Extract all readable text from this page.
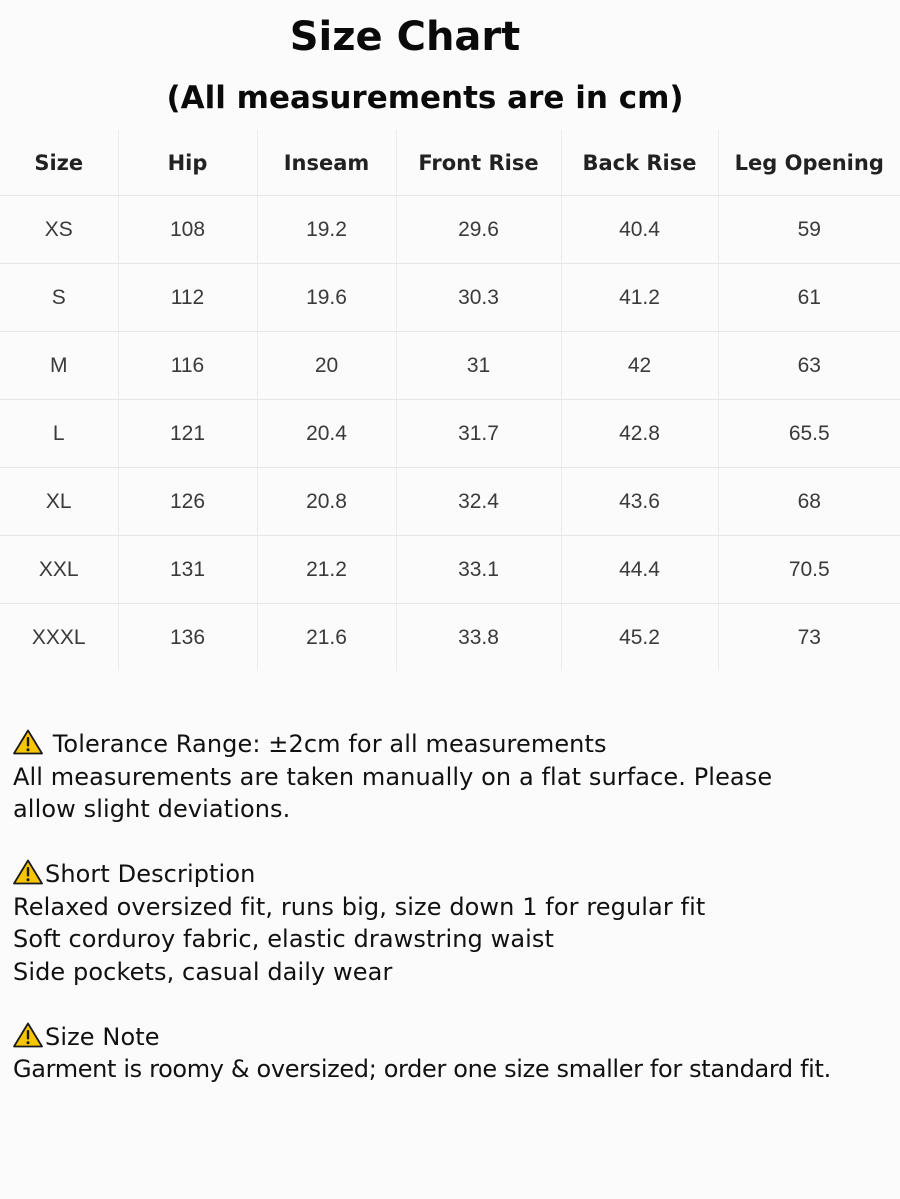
Size Chart
(All measurements are in cm)
Size	Hip	Inseam	Front Rise	Back Rise	Leg Opening
XS	108	19.2	29.6	40.4	59
S	112	19.6	30.3	41.2	61
M	116	20	31	42	63
L	121	20.4	31.7	42.8	65.5
XL	126	20.8	32.4	43.6	68
XXL	131	21.2	33.1	44.4	70.5
XXXL	136	21.6	33.8	45.2	73
Tolerance Range: ±2cm for all measurements
All measurements are taken manually on a flat surface. Please
allow slight deviations.
Short Description
Relaxed oversized fit, runs big, size down 1 for regular fit
Soft corduroy fabric, elastic drawstring waist
Side pockets, casual daily wear
Size Note
Garment is roomy & oversized; order one size smaller for standard fit.
